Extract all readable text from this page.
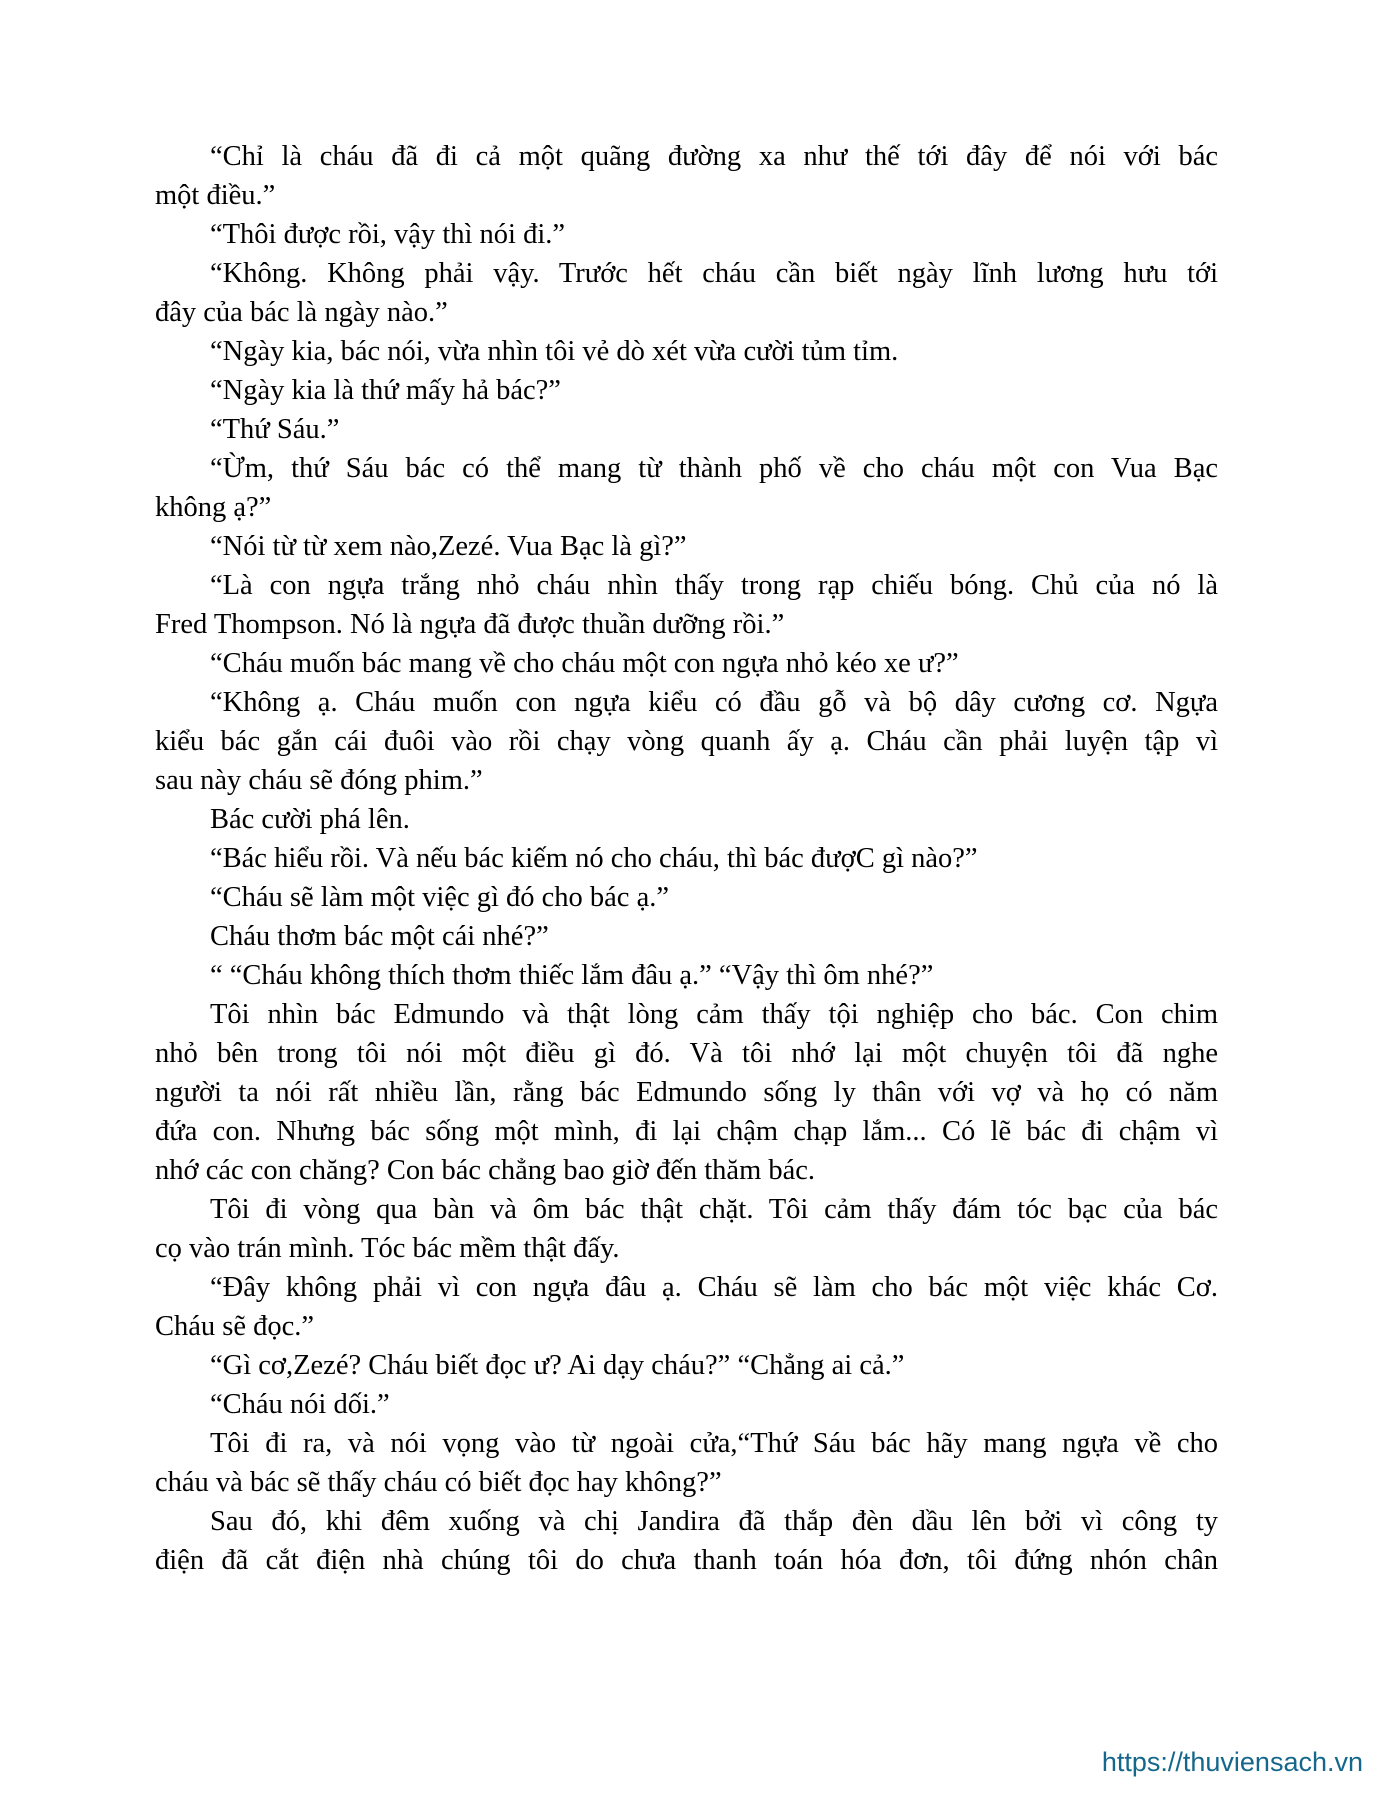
“Chỉ là cháu đã đi cả một quãng đường xa như thế tới đây để nói với bác
một điều.”
“Thôi được rồi, vậy thì nói đi.”
“Không. Không phải vậy. Trước hết cháu cần biết ngày lĩnh lương hưu tới
đây của bác là ngày nào.”
“Ngày kia, bác nói, vừa nhìn tôi vẻ dò xét vừa cười tủm tỉm.
“Ngày kia là thứ mấy hả bác?”
“Thứ Sáu.”
“Ừm, thứ Sáu bác có thể mang từ thành phố về cho cháu một con Vua Bạc
không ạ?”
“Nói từ từ xem nào,Zezé. Vua Bạc là gì?”
“Là con ngựa trắng nhỏ cháu nhìn thấy trong rạp chiếu bóng. Chủ của nó là
Fred Thompson. Nó là ngựa đã được thuần dưỡng rồi.”
“Cháu muốn bác mang về cho cháu một con ngựa nhỏ kéo xe ư?”
“Không ạ. Cháu muốn con ngựa kiểu có đầu gỗ và bộ dây cương cơ. Ngựa
kiểu bác gắn cái đuôi vào rồi chạy vòng quanh ấy ạ. Cháu cần phải luyện tập vì
sau này cháu sẽ đóng phim.”
Bác cười phá lên.
“Bác hiểu rồi. Và nếu bác kiếm nó cho cháu, thì bác đượC gì nào?”
“Cháu sẽ làm một việc gì đó cho bác ạ.”
Cháu thơm bác một cái nhé?”
“ “Cháu không thích thơm thiếc lắm đâu ạ.” “Vậy thì ôm nhé?”
Tôi nhìn bác Edmundo và thật lòng cảm thấy tội nghiệp cho bác. Con chim
nhỏ bên trong tôi nói một điều gì đó. Và tôi nhớ lại một chuyện tôi đã nghe
người ta nói rất nhiều lần, rằng bác Edmundo sống ly thân với vợ và họ có năm
đứa con. Nhưng bác sống một mình, đi lại chậm chạp lắm... Có lẽ bác đi chậm vì
nhớ các con chăng? Con bác chẳng bao giờ đến thăm bác.
Tôi đi vòng qua bàn và ôm bác thật chặt. Tôi cảm thấy đám tóc bạc của bác
cọ vào trán mình. Tóc bác mềm thật đấy.
“Đây không phải vì con ngựa đâu ạ. Cháu sẽ làm cho bác một việc khác Cơ.
Cháu sẽ đọc.”
“Gì cơ,Zezé? Cháu biết đọc ư? Ai dạy cháu?” “Chẳng ai cả.”
“Cháu nói dối.”
Tôi đi ra, và nói vọng vào từ ngoài cửa,“Thứ Sáu bác hãy mang ngựa về cho
cháu và bác sẽ thấy cháu có biết đọc hay không?”
Sau đó, khi đêm xuống và chị Jandira đã thắp đèn dầu lên bởi vì công ty
điện đã cắt điện nhà chúng tôi do chưa thanh toán hóa đơn, tôi đứng nhón chân
https://thuviensach.vn
